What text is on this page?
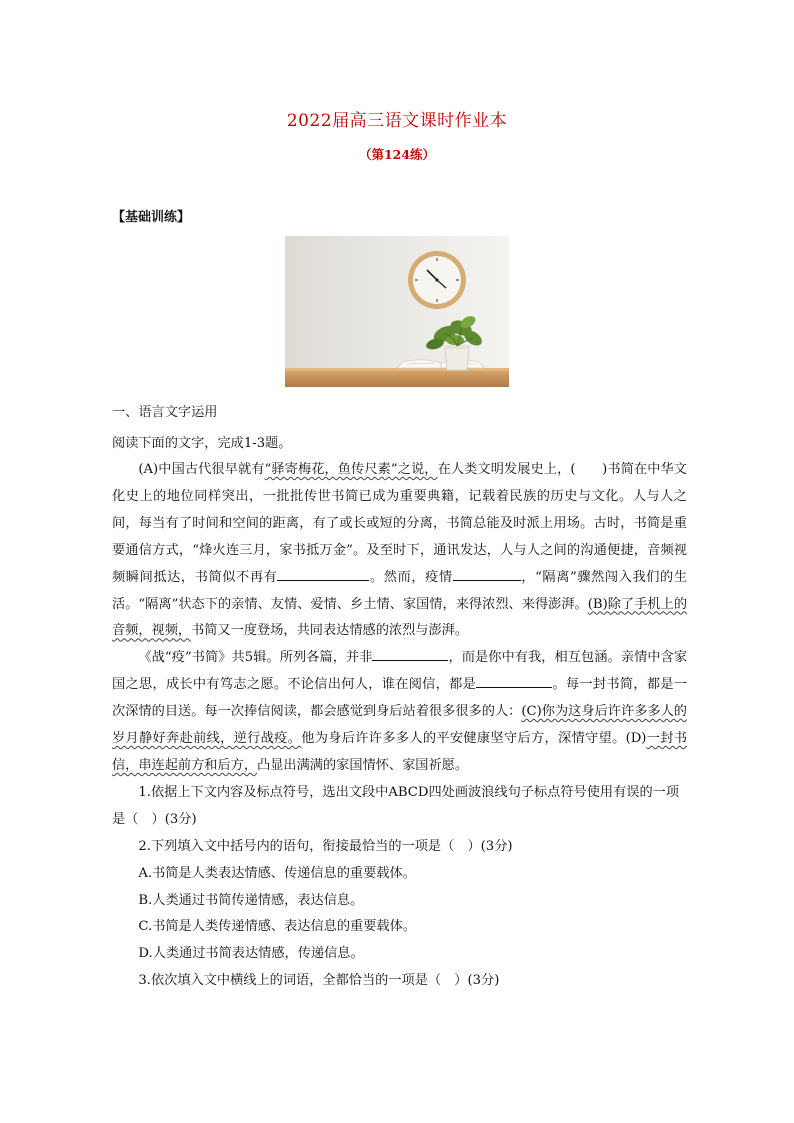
2022届高三语文课时作业本
（第124练）
【基础训练】
一、语言文字运用
阅读下面的文字，完成1-3题。

(A)中国古代很早就有“驿寄梅花，鱼传尺素”之说，在人类文明发展史上，(　　)书简在中华文化史上的地位同样突出，一批批传世书简已成为重要典籍，记载着民族的历史与文化。人与人之间，每当有了时间和空间的距离，有了或长或短的分离，书简总能及时派上用场。古时，书简是重要通信方式，“烽火连三月，家书抵万金”。及至时下，通讯发达，人与人之间的沟通便捷，音频视频瞬间抵达，书简似不再有	。然而，疫情	，“隔离”骤然闯入我们的生活。“隔离”状态下的亲情、友情、爱情、乡土情、家国情，来得浓烈、来得澎湃。(B)除了手机上的音频，视频，书简又一度登场，共同表达情感的浓烈与澎湃。

《战“疫”书简》共5辑。所列各篇，并非	，而是你中有我，相互包涵。亲情中含家国之思，成长中有笃志之愿。不论信出何人，谁在阅信，都是	。每一封书简，都是一次深情的目送。每一次捧信阅读，都会感觉到身后站着很多很多的人：(C)你为这身后许许多多人的岁月静好奔赴前线，逆行战疫。他为身后许许多多人的平安健康坚守后方，深情守望。(D)一封书信，串连起前方和后方，凸显出满满的家国情怀、家国祈愿。

1.依据上下文内容及标点符号，选出文段中ABCD四处画波浪线句子标点符号使用有误的一项是（　）(3分)

2.下列填入文中括号内的语句，衔接最恰当的一项是（　）(3分)

A.书简是人类表达情感、传递信息的重要载体。

B.人类通过书简传递情感，表达信息。

C.书简是人类传递情感、表达信息的重要载体。

D.人类通过书简表达情感，传递信息。

3.依次填入文中横线上的词语，全都恰当的一项是（　）(3分)
